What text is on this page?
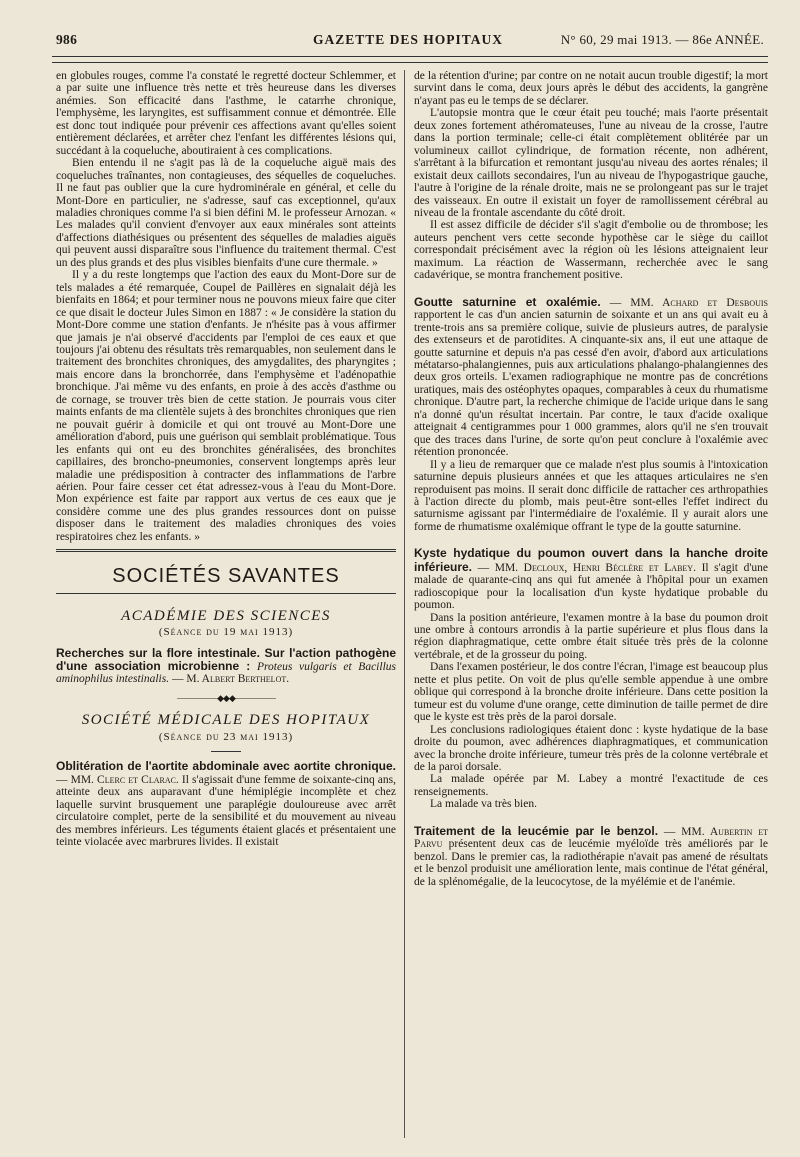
986	GAZETTE DES HOPITAUX	N° 60, 29 mai 1913. — 86e ANNÉE.

en globules rouges, comme l'a constaté le regretté docteur Schlemmer, et a par suite une influence très nette et très heureuse dans les diverses anémies. Son efficacité dans l'asthme, le catarrhe chronique, l'emphysème, les laryngites, est suffisamment connue et démontrée. Elle est donc tout indiquée pour prévenir ces affections avant qu'elles soient entièrement déclarées, et arrêter chez l'enfant les différentes lésions qui, succédant à la coqueluche, aboutiraient à ces complications.

Bien entendu il ne s'agit pas là de la coqueluche aiguë mais des coqueluches traînantes, non contagieuses, des séquelles de coqueluches. Il ne faut pas oublier que la cure hydrominérale en général, et celle du Mont-Dore en particulier, ne s'adresse, sauf cas exceptionnel, qu'aux maladies chroniques comme l'a si bien défini M. le professeur Arnozan. « Les malades qu'il convient d'envoyer aux eaux minérales sont atteints d'affections diathésiques ou présentent des séquelles de maladies aiguës qui peuvent aussi disparaître sous l'influence du traitement thermal. C'est un des plus grands et des plus visibles bienfaits d'une cure thermale. »

Il y a du reste longtemps que l'action des eaux du Mont-Dore sur de tels malades a été remarquée, Coupel de Paillères en signalait déjà les bienfaits en 1864; et pour terminer nous ne pouvons mieux faire que citer ce que disait le docteur Jules Simon en 1887 : « Je considère la station du Mont-Dore comme une station d'enfants. Je n'hésite pas à vous affirmer que jamais je n'ai observé d'accidents par l'emploi de ces eaux et que toujours j'ai obtenu des résultats très remarquables, non seulement dans le traitement des bronchites chroniques, des amygdalites, des pharyngites ; mais encore dans la bronchorrée, dans l'emphysème et l'adénopathie bronchique. J'ai même vu des enfants, en proie à des accès d'asthme ou de cornage, se trouver très bien de cette station. Je pourrais vous citer maints enfants de ma clientèle sujets à des bronchites chroniques que rien ne pouvait guérir à domicile et qui ont trouvé au Mont-Dore une amélioration d'abord, puis une guérison qui semblait problématique. Tous les enfants qui ont eu des bronchites généralisées, des bronchites capillaires, des broncho-pneumonies, conservent longtemps après leur maladie une prédisposition à contracter des inflammations de l'arbre aérien. Pour faire cesser cet état adressez-vous à l'eau du Mont-Dore. Mon expérience est faite par rapport aux vertus de ces eaux que je considère comme une des plus grandes ressources dont on puisse disposer dans le traitement des maladies chroniques des voies respiratoires chez les enfants. »

SOCIÉTÉS SAVANTES
ACADÉMIE DES SCIENCES
(Séance du 19 mai 1913)

Recherches sur la flore intestinale. Sur l'action pathogène d'une association microbienne : Proteus vulgaris et Bacillus aminophilus intestinalis. — M. Albert Berthelot.

—————◆◆◆—————
SOCIÉTÉ MÉDICALE DES HOPITAUX
(Séance du 23 mai 1913)

Oblitération de l'aortite abdominale avec aortite chronique. — MM. Clerc et Clarac. Il s'agissait d'une femme de soixante-cinq ans, atteinte deux ans auparavant d'une hémiplégie incomplète et chez laquelle survint brusquement une paraplégie douloureuse avec arrêt circulatoire complet, perte de la sensibilité et du mouvement au niveau des membres inférieurs. Les téguments étaient glacés et présentaient une teinte violacée avec marbrures livides. Il existait

de la rétention d'urine; par contre on ne notait aucun trouble digestif; la mort survint dans le coma, deux jours après le début des accidents, la gangrène n'ayant pas eu le temps de se déclarer.

L'autopsie montra que le cœur était peu touché; mais l'aorte présentait deux zones fortement athéromateuses, l'une au niveau de la crosse, l'autre dans la portion terminale; celle-ci était complètement oblitérée par un volumineux caillot cylindrique, de formation récente, non adhérent, s'arrêtant à la bifurcation et remontant jusqu'au niveau des aortes rénales; il existait deux caillots secondaires, l'un au niveau de l'hypogastrique gauche, l'autre à l'origine de la rénale droite, mais ne se prolongeant pas sur le trajet des vaisseaux. En outre il existait un foyer de ramollissement cérébral au niveau de la frontale ascendante du côté droit.

Il est assez difficile de décider s'il s'agit d'embolie ou de thrombose; les auteurs penchent vers cette seconde hypothèse car le siège du caillot correspondait précisément avec la région où les lésions atteignaient leur maximum. La réaction de Wassermann, recherchée avec le sang cadavérique, se montra franchement positive.

Goutte saturnine et oxalémie. — MM. Achard et Desbouis rapportent le cas d'un ancien saturnin de soixante et un ans qui avait eu à trente-trois ans sa première colique, suivie de plusieurs autres, de paralysie des extenseurs et de parotidites. A cinquante-six ans, il eut une attaque de goutte saturnine et depuis n'a pas cessé d'en avoir, d'abord aux articulations métatarso-phalangiennes, puis aux articulations phalango-phalangiennes des deux gros orteils. L'examen radiographique ne montre pas de concrétions uratiques, mais des ostéophytes opaques, comparables à ceux du rhumatisme chronique. D'autre part, la recherche chimique de l'acide urique dans le sang n'a donné qu'un résultat incertain. Par contre, le taux d'acide oxalique atteignait 4 centigrammes pour 1 000 grammes, alors qu'il ne s'en trouvait que des traces dans l'urine, de sorte qu'on peut conclure à l'oxalémie avec rétention prononcée.

Il y a lieu de remarquer que ce malade n'est plus soumis à l'intoxication saturnine depuis plusieurs années et que les attaques articulaires ne s'en reproduisent pas moins. Il serait donc difficile de rattacher ces arthropathies à l'action directe du plomb, mais peut-être sont-elles l'effet indirect du saturnisme agissant par l'intermédiaire de l'oxalémie. Il y aurait alors une forme de rhumatisme oxalémique offrant le type de la goutte saturnine.

Kyste hydatique du poumon ouvert dans la hanche droite inférieure. — MM. Decloux, Henri Béclère et Labey. Il s'agit d'une malade de quarante-cinq ans qui fut amenée à l'hôpital pour un examen radioscopique pour la localisation d'un kyste hydatique probable du poumon.

Dans la position antérieure, l'examen montre à la base du poumon droit une ombre à contours arrondis à la partie supérieure et plus flous dans la région diaphragmatique, cette ombre était située très près de la colonne vertébrale, et de la grosseur du poing.

Dans l'examen postérieur, le dos contre l'écran, l'image est beaucoup plus nette et plus petite. On voit de plus qu'elle semble appendue à une ombre oblique qui correspond à la bronche droite inférieure. Dans cette position la tumeur est du volume d'une orange, cette diminution de taille permet de dire que le kyste est très près de la paroi dorsale.

Les conclusions radiologiques étaient donc : kyste hydatique de la base droite du poumon, avec adhérences diaphragmatiques, et communication avec la bronche droite inférieure, tumeur très près de la colonne vertébrale et de la paroi dorsale.

La malade opérée par M. Labey a montré l'exactitude de ces renseignements.

La malade va très bien.

Traitement de la leucémie par le benzol. — MM. Aubertin et Parvu présentent deux cas de leucémie myéloïde très améliorés par le benzol. Dans le premier cas, la radiothérapie n'avait pas amené de résultats et le benzol produisit une amélioration lente, mais continue de l'état général, de la splénomégalie, de la leucocytose, de la myélémie et de l'anémie.
